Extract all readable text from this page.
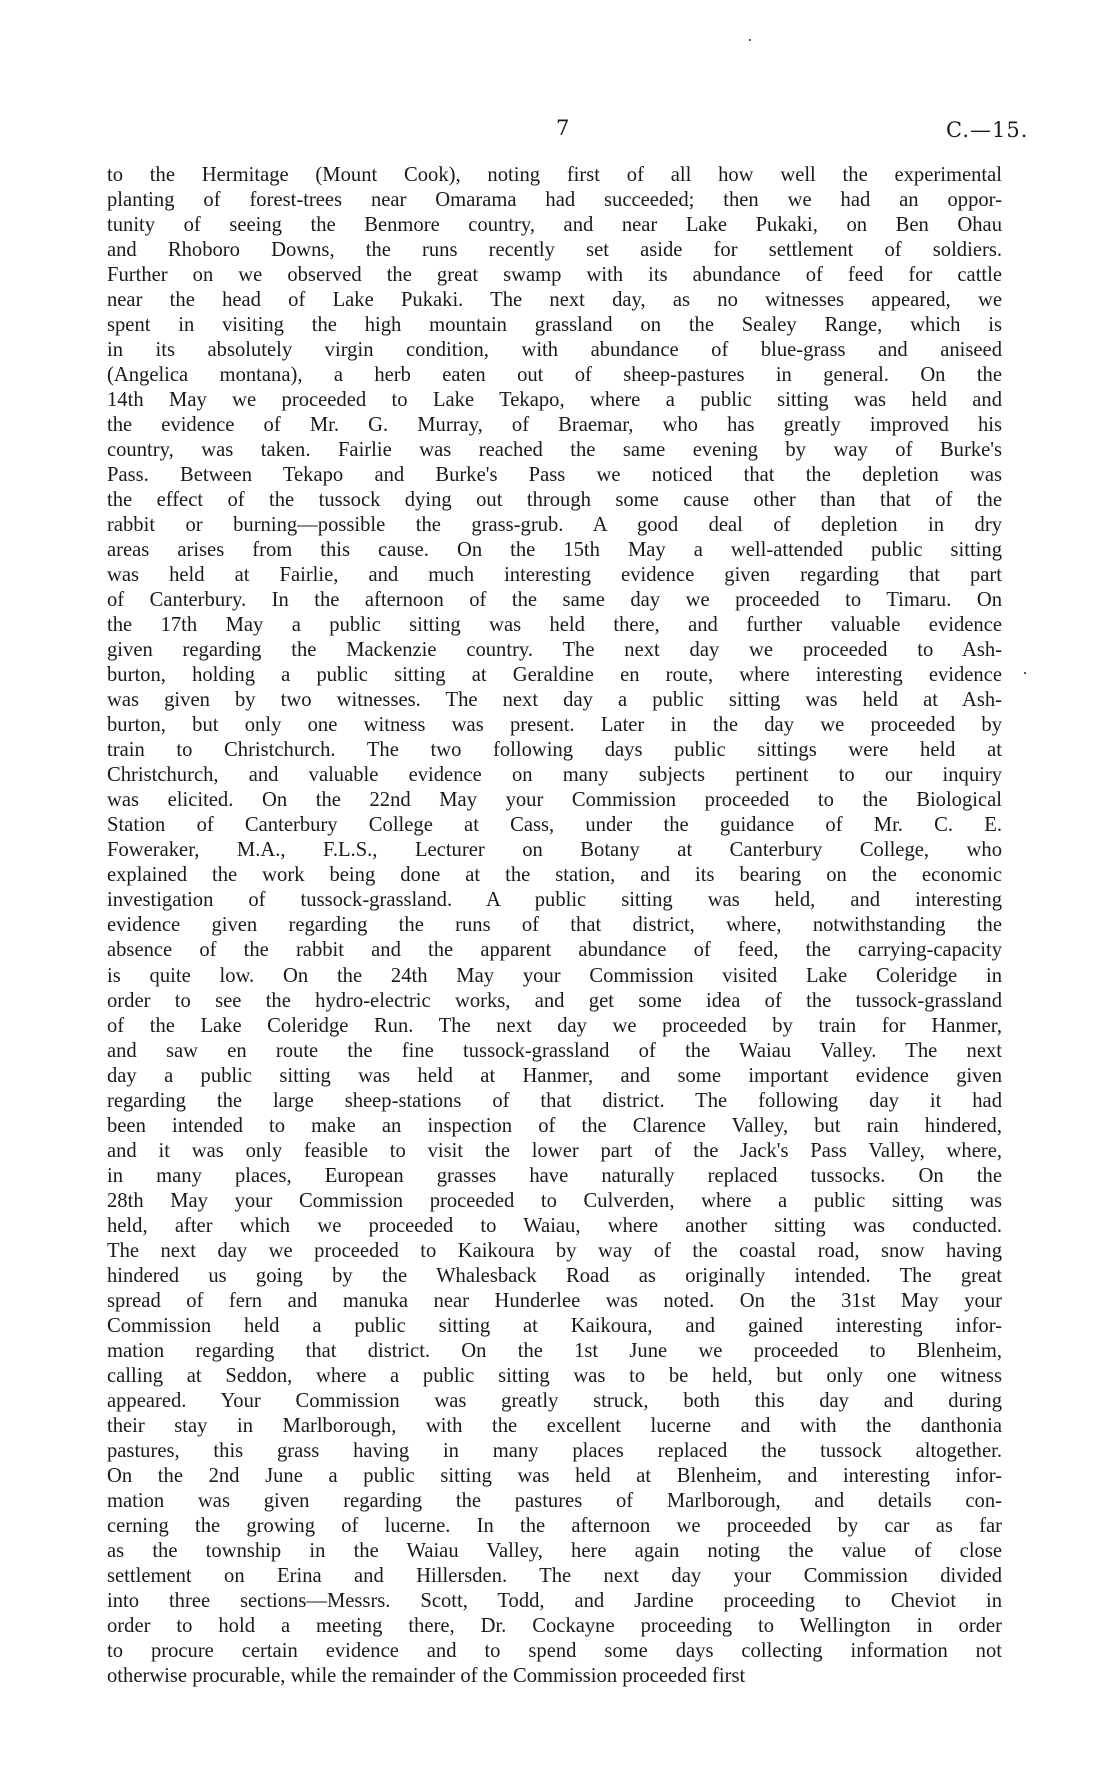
7	C.—15.
to the Hermitage (Mount Cook), noting first of all how well the experimental
planting of forest-trees near Omarama had succeeded; then we had an oppor-
tunity of seeing the Benmore country, and near Lake Pukaki, on Ben Ohau
and Rhoboro Downs, the runs recently set aside for settlement of soldiers.
Further on we observed the great swamp with its abundance of feed for cattle
near the head of Lake Pukaki. The next day, as no witnesses appeared, we
spent in visiting the high mountain grassland on the Sealey Range, which is
in its absolutely virgin condition, with abundance of blue-grass and aniseed
(Angelica montana), a herb eaten out of sheep-pastures in general. On the
14th May we proceeded to Lake Tekapo, where a public sitting was held and
the evidence of Mr. G. Murray, of Braemar, who has greatly improved his
country, was taken. Fairlie was reached the same evening by way of Burke's
Pass. Between Tekapo and Burke's Pass we noticed that the depletion was
the effect of the tussock dying out through some cause other than that of the
rabbit or burning—possible the grass-grub. A good deal of depletion in dry
areas arises from this cause. On the 15th May a well-attended public sitting
was held at Fairlie, and much interesting evidence given regarding that part
of Canterbury. In the afternoon of the same day we proceeded to Timaru. On
the 17th May a public sitting was held there, and further valuable evidence
given regarding the Mackenzie country. The next day we proceeded to Ash-
burton, holding a public sitting at Geraldine en route, where interesting evidence
was given by two witnesses. The next day a public sitting was held at Ash-
burton, but only one witness was present. Later in the day we proceeded by
train to Christchurch. The two following days public sittings were held at
Christchurch, and valuable evidence on many subjects pertinent to our inquiry
was elicited. On the 22nd May your Commission proceeded to the Biological
Station of Canterbury College at Cass, under the guidance of Mr. C. E.
Foweraker, M.A., F.L.S., Lecturer on Botany at Canterbury College, who
explained the work being done at the station, and its bearing on the economic
investigation of tussock-grassland. A public sitting was held, and interesting
evidence given regarding the runs of that district, where, notwithstanding the
absence of the rabbit and the apparent abundance of feed, the carrying-capacity
is quite low. On the 24th May your Commission visited Lake Coleridge in
order to see the hydro-electric works, and get some idea of the tussock-grassland
of the Lake Coleridge Run. The next day we proceeded by train for Hanmer,
and saw en route the fine tussock-grassland of the Waiau Valley. The next
day a public sitting was held at Hanmer, and some important evidence given
regarding the large sheep-stations of that district. The following day it had
been intended to make an inspection of the Clarence Valley, but rain hindered,
and it was only feasible to visit the lower part of the Jack's Pass Valley, where,
in many places, European grasses have naturally replaced tussocks. On the
28th May your Commission proceeded to Culverden, where a public sitting was
held, after which we proceeded to Waiau, where another sitting was conducted.
The next day we proceeded to Kaikoura by way of the coastal road, snow having
hindered us going by the Whalesback Road as originally intended. The great
spread of fern and manuka near Hunderlee was noted. On the 31st May your
Commission held a public sitting at Kaikoura, and gained interesting infor-
mation regarding that district. On the 1st June we proceeded to Blenheim,
calling at Seddon, where a public sitting was to be held, but only one witness
appeared. Your Commission was greatly struck, both this day and during
their stay in Marlborough, with the excellent lucerne and with the danthonia
pastures, this grass having in many places replaced the tussock altogether.
On the 2nd June a public sitting was held at Blenheim, and interesting infor-
mation was given regarding the pastures of Marlborough, and details con-
cerning the growing of lucerne. In the afternoon we proceeded by car as far
as the township in the Waiau Valley, here again noting the value of close
settlement on Erina and Hillersden. The next day your Commission divided
into three sections—Messrs. Scott, Todd, and Jardine proceeding to Cheviot in
order to hold a meeting there, Dr. Cockayne proceeding to Wellington in order
to procure certain evidence and to spend some days collecting information not
otherwise procurable, while the remainder of the Commission proceeded first
